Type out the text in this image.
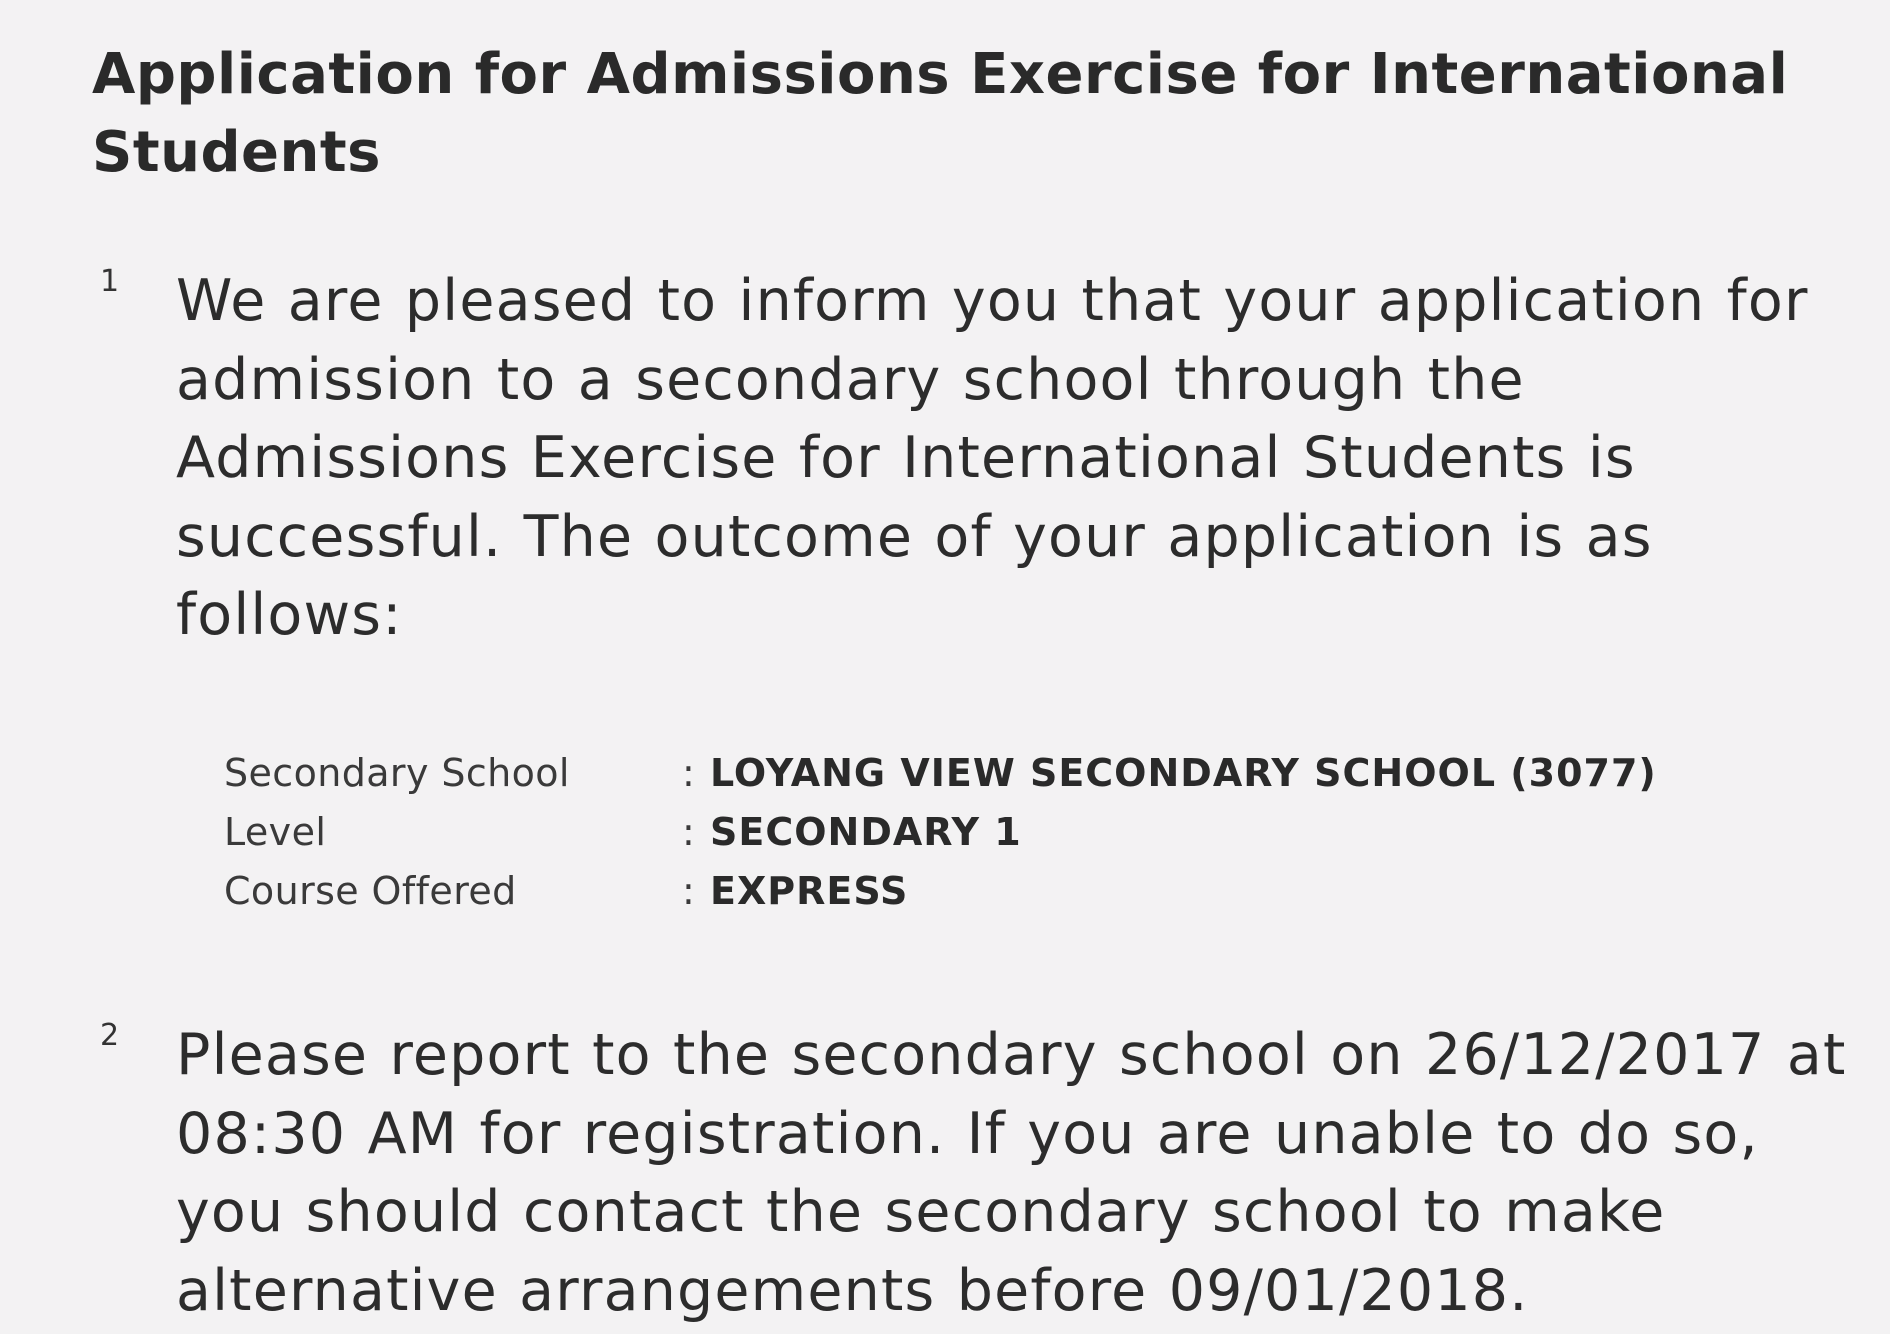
Application for Admissions Exercise for International Students
1 We are pleased to inform you that your application for admission to a secondary school through the Admissions Exercise for International Students is successful. The outcome of your application is as follows:

Secondary School	: LOYANG VIEW SECONDARY SCHOOL (3077)
Level	: SECONDARY 1
Course Offered	: EXPRESS
2 Please report to the secondary school on 26/12/2017 at 08:30 AM for registration. If you are unable to do so, you should contact the secondary school to make alternative arrangements before 09/01/2018.
